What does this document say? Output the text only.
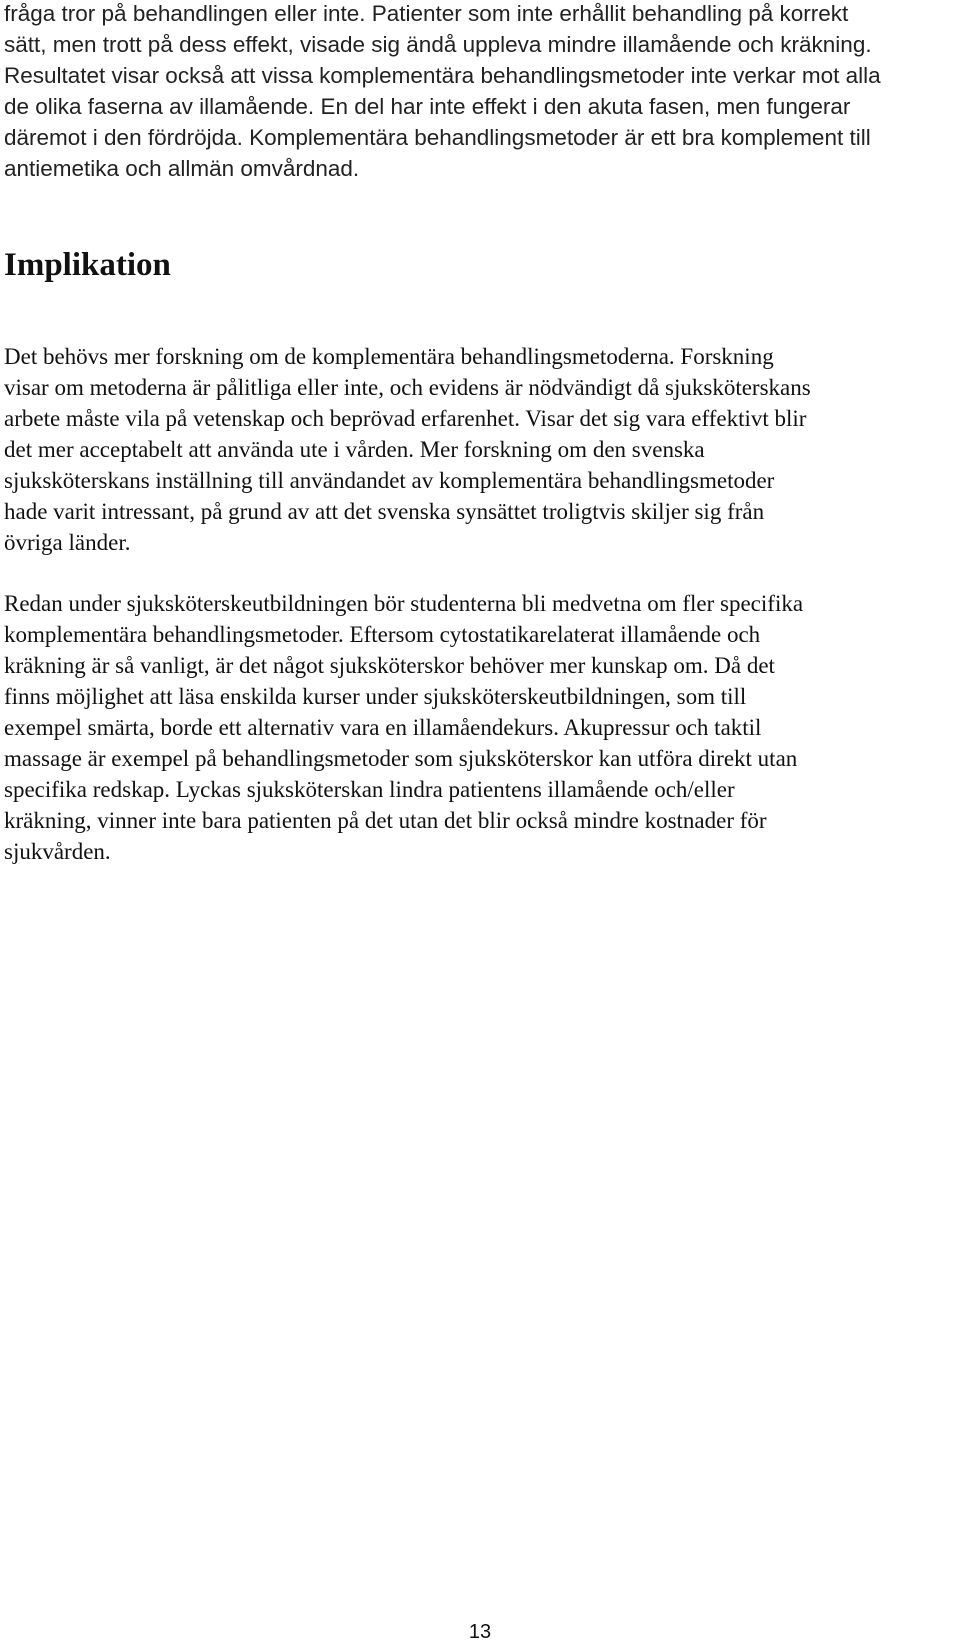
fråga tror på behandlingen eller inte. Patienter som inte erhållit behandling på korrekt
sätt, men trott på dess effekt, visade sig ändå uppleva mindre illamående och kräkning.
Resultatet visar också att vissa komplementära behandlingsmetoder inte verkar mot alla
de olika faserna av illamående. En del har inte effekt i den akuta fasen, men fungerar
däremot i den fördröjda. Komplementära behandlingsmetoder är ett bra komplement till
antiemetika och allmän omvårdnad.

Implikation

Det behövs mer forskning om de komplementära behandlingsmetoderna. Forskning
visar om metoderna är pålitliga eller inte, och evidens är nödvändigt då sjuksköterskans
arbete måste vila på vetenskap och beprövad erfarenhet. Visar det sig vara effektivt blir
det mer acceptabelt att använda ute i vården. Mer forskning om den svenska
sjuksköterskans inställning till användandet av komplementära behandlingsmetoder
hade varit intressant, på grund av att det svenska synsättet troligtvis skiljer sig från
övriga länder.

Redan under sjuksköterskeutbildningen bör studenterna bli medvetna om fler specifika
komplementära behandlingsmetoder. Eftersom cytostatikarelaterat illamående och
kräkning är så vanligt, är det något sjuksköterskor behöver mer kunskap om. Då det
finns möjlighet att läsa enskilda kurser under sjuksköterskeutbildningen, som till
exempel smärta, borde ett alternativ vara en illamåendekurs. Akupressur och taktil
massage är exempel på behandlingsmetoder som sjuksköterskor kan utföra direkt utan
specifika redskap. Lyckas sjuksköterskan lindra patientens illamående och/eller
kräkning, vinner inte bara patienten på det utan det blir också mindre kostnader för
sjukvården.

13
